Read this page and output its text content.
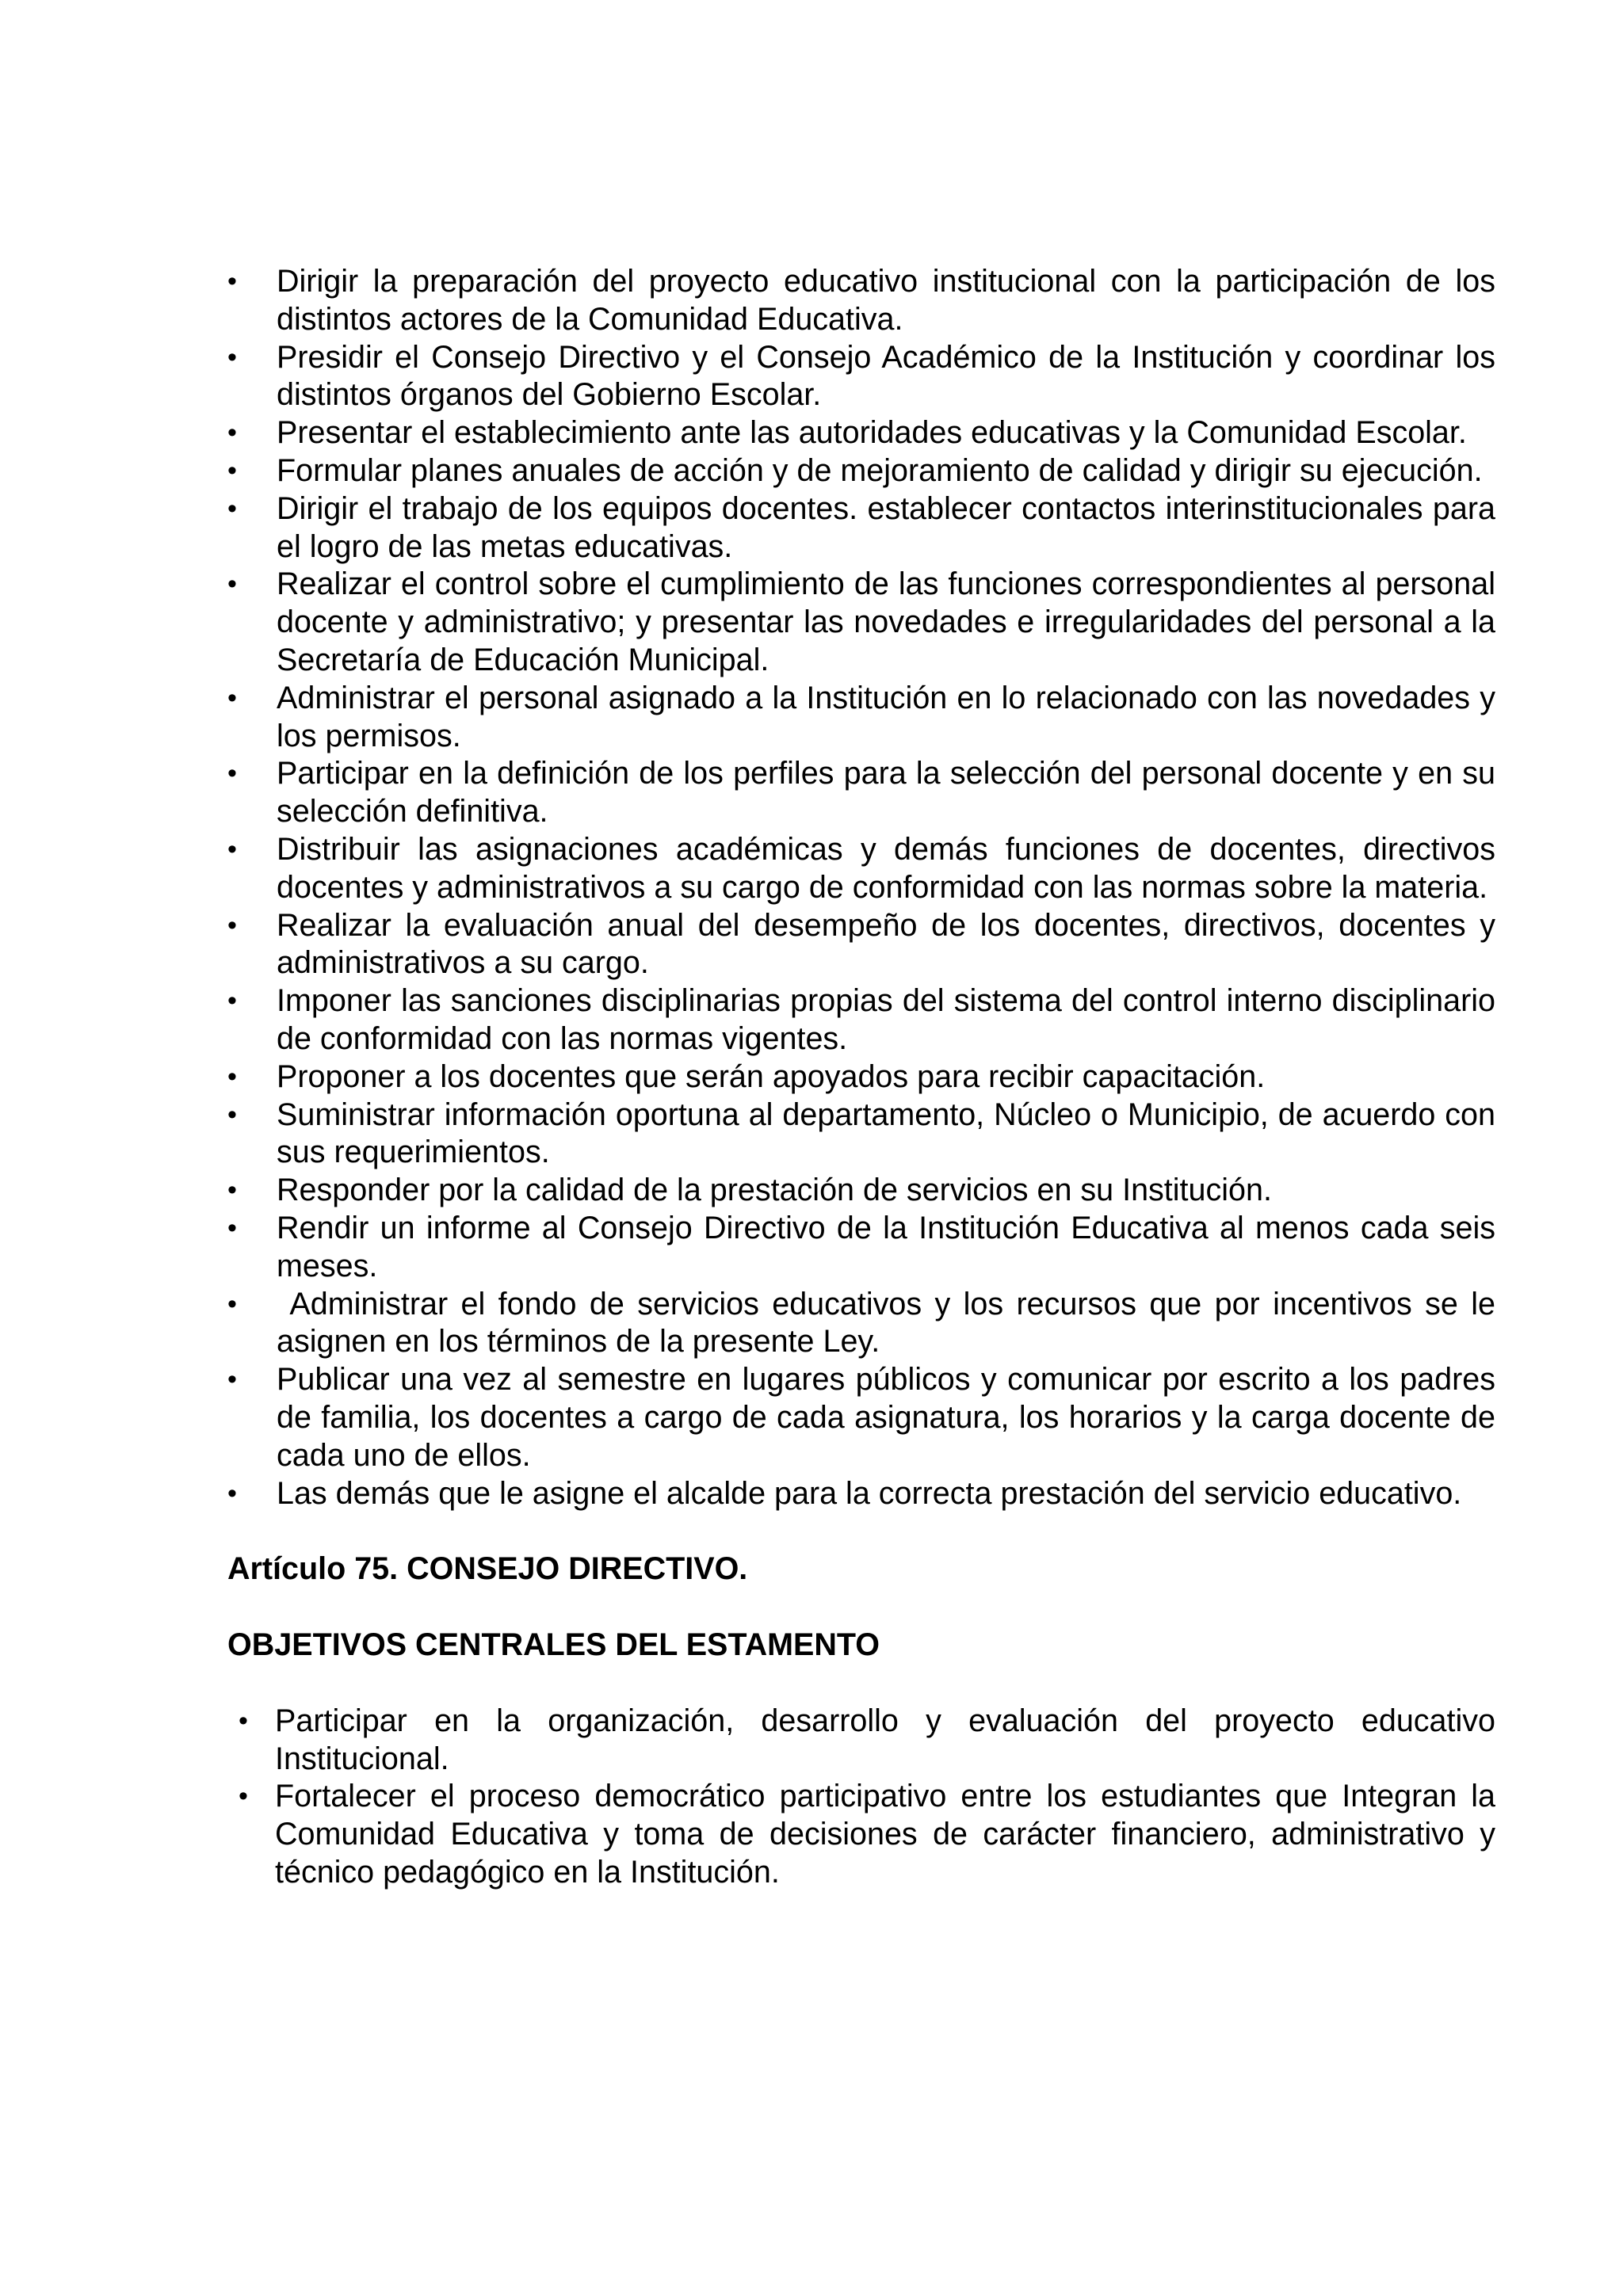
•	Dirigir la preparación del proyecto educativo institucional con la participación de los distintos actores de la Comunidad Educativa.
•	Presidir el Consejo Directivo y el Consejo Académico de la Institución y coordinar los distintos órganos del Gobierno Escolar.
•	Presentar el establecimiento ante las autoridades educativas y la Comunidad Escolar.
•	Formular planes anuales de acción y de mejoramiento de calidad y dirigir su ejecución.
•	Dirigir el trabajo de los equipos docentes. establecer contactos interinstitucionales para el logro de las metas educativas.
•	Realizar el control sobre el cumplimiento de las funciones correspondientes al personal docente y administrativo; y presentar las novedades e irregularidades del personal a la Secretaría de Educación Municipal.
•	Administrar el personal asignado a la Institución en lo relacionado con las novedades y los permisos.
•	Participar en la definición de los perfiles para la selección del personal docente y en su selección definitiva.
•	Distribuir las asignaciones académicas y demás funciones de docentes, directivos docentes y administrativos a su cargo de conformidad con las normas sobre la materia.
•	Realizar la evaluación anual del desempeño de los docentes, directivos, docentes y administrativos a su cargo.
•	Imponer las sanciones disciplinarias propias del sistema del control interno disciplinario de conformidad con las normas vigentes.
•	Proponer a los docentes que serán apoyados para recibir capacitación.
•	Suministrar información oportuna al departamento, Núcleo o Municipio, de acuerdo con sus requerimientos.
•	Responder por la calidad de la prestación de servicios en su Institución.
•	Rendir un informe al Consejo Directivo de la Institución Educativa al menos cada seis meses.
•	Administrar el fondo de servicios educativos y los recursos que por incentivos se le asignen en los términos de la presente Ley.
•	Publicar una vez al semestre en lugares públicos y comunicar por escrito a los padres de familia, los docentes a cargo de cada asignatura, los horarios y la carga docente de cada uno de ellos.
•	Las demás que le asigne el alcalde para la correcta prestación del servicio educativo.

Artículo 75. CONSEJO DIRECTIVO.

OBJETIVOS CENTRALES DEL ESTAMENTO

• Participar en la organización, desarrollo y evaluación del proyecto educativo Institucional.
• Fortalecer el proceso democrático participativo entre los estudiantes que Integran la Comunidad Educativa y toma de decisiones de carácter financiero, administrativo y técnico pedagógico en la Institución.
